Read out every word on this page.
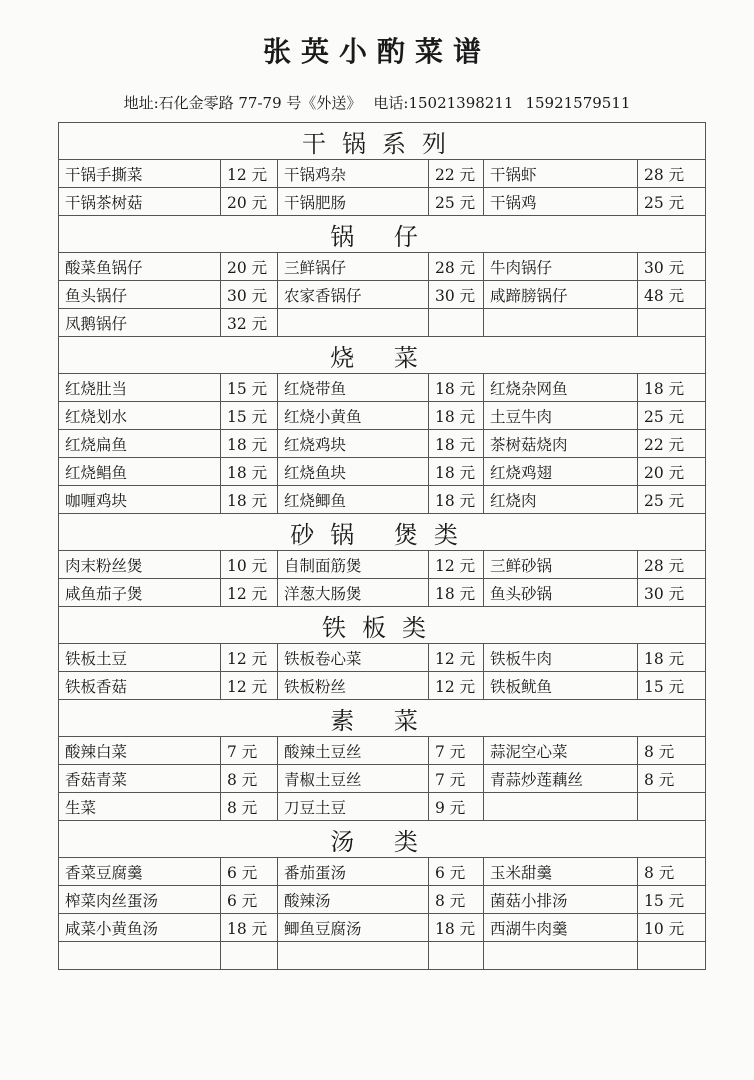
张英小酌菜谱
地址:石化金零路 77-79 号《外送》 电话:15021398211 15921579511
干锅系列					
干锅手撕菜	12 元	干锅鸡杂	22 元	干锅虾	28 元
干锅茶树菇	20 元	干锅肥肠	25 元	干锅鸡	25 元
锅 仔					
酸菜鱼锅仔	20 元	三鲜锅仔	28 元	牛肉锅仔	30 元
鱼头锅仔	30 元	农家香锅仔	30 元	咸蹄膀锅仔	48 元
凤鹅锅仔	32 元				
烧 菜					
红烧肚当	15 元	红烧带鱼	18 元	红烧杂网鱼	18 元
红烧划水	15 元	红烧小黄鱼	18 元	土豆牛肉	25 元
红烧扁鱼	18 元	红烧鸡块	18 元	茶树菇烧肉	22 元
红烧鲳鱼	18 元	红烧鱼块	18 元	红烧鸡翅	20 元
咖喱鸡块	18 元	红烧鲫鱼	18 元	红烧肉	25 元
砂锅 煲类					
肉末粉丝煲	10 元	自制面筋煲	12 元	三鲜砂锅	28 元
咸鱼茄子煲	12 元	洋葱大肠煲	18 元	鱼头砂锅	30 元
铁板类					
铁板土豆	12 元	铁板卷心菜	12 元	铁板牛肉	18 元
铁板香菇	12 元	铁板粉丝	12 元	铁板鱿鱼	15 元
素 菜					
酸辣白菜	7 元	酸辣土豆丝	7 元	蒜泥空心菜	8 元
香菇青菜	8 元	青椒土豆丝	7 元	青蒜炒莲藕丝	8 元
生菜	8 元	刀豆土豆	9 元		
汤 类					
香菜豆腐羹	6 元	番茄蛋汤	6 元	玉米甜羹	8 元
榨菜肉丝蛋汤	6 元	酸辣汤	8 元	菌菇小排汤	15 元
咸菜小黄鱼汤	18 元	鲫鱼豆腐汤	18 元	西湖牛肉羹	10 元
